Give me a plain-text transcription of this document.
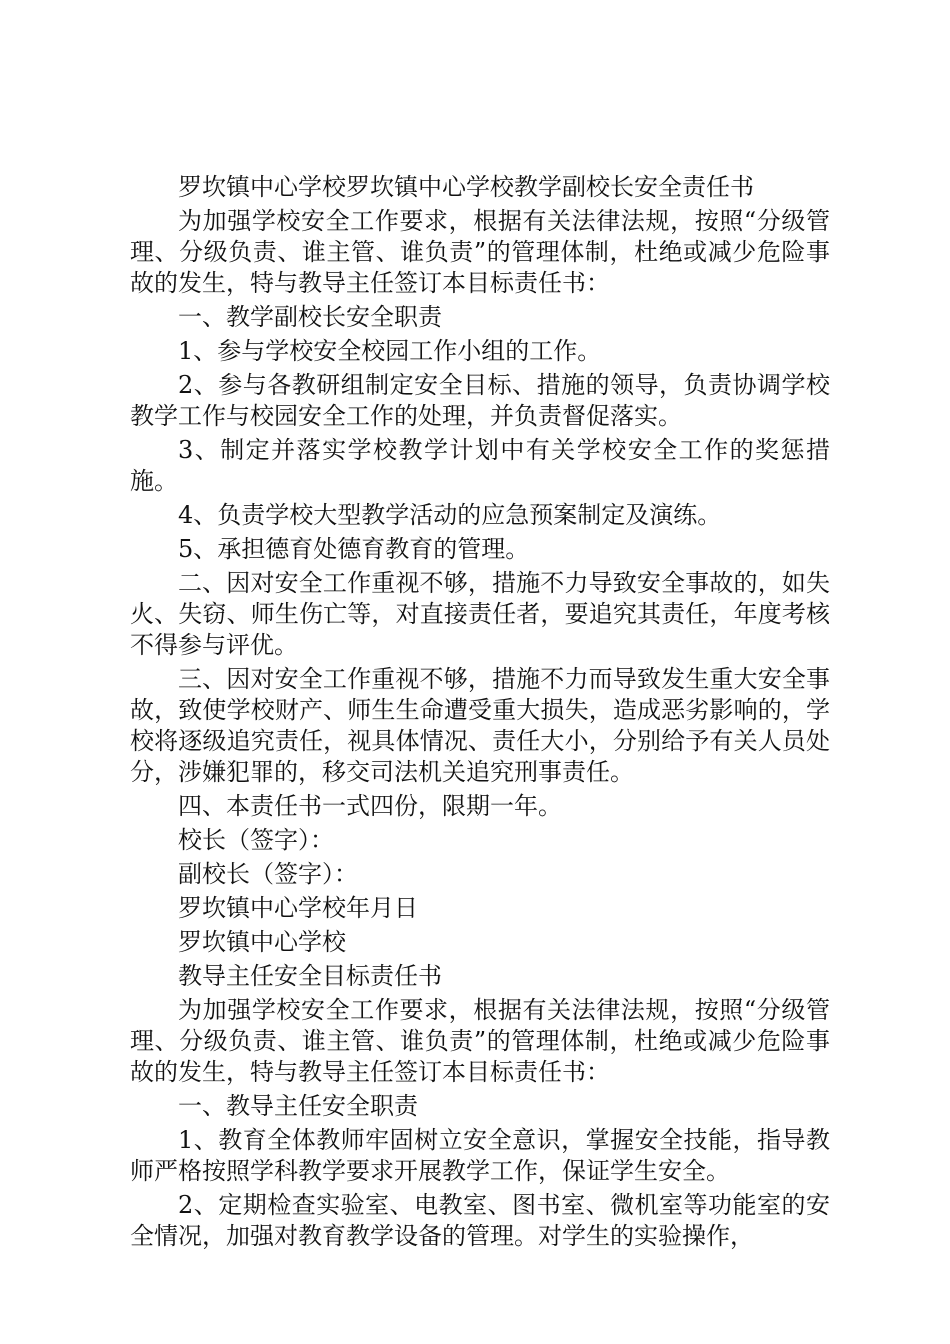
罗坎镇中心学校罗坎镇中心学校教学副校长安全责任书

为加强学校安全工作要求，根据有关法律法规，按照“分级管理、分级负责、谁主管、谁负责”的管理体制，杜绝或减少危险事故的发生，特与教导主任签订本目标责任书：

一、教学副校长安全职责

1、参与学校安全校园工作小组的工作。

2、参与各教研组制定安全目标、措施的领导，负责协调学校教学工作与校园安全工作的处理，并负责督促落实。

3、制定并落实学校教学计划中有关学校安全工作的奖惩措施。

4、负责学校大型教学活动的应急预案制定及演练。

5、承担德育处德育教育的管理。

二、因对安全工作重视不够，措施不力导致安全事故的，如失火、失窃、师生伤亡等，对直接责任者，要追究其责任，年度考核不得参与评优。

三、因对安全工作重视不够，措施不力而导致发生重大安全事故，致使学校财产、师生生命遭受重大损失，造成恶劣影响的，学校将逐级追究责任，视具体情况、责任大小，分别给予有关人员处分，涉嫌犯罪的，移交司法机关追究刑事责任。

四、本责任书一式四份，限期一年。

校长（签字）：

副校长（签字）：

罗坎镇中心学校年月日

罗坎镇中心学校

教导主任安全目标责任书

为加强学校安全工作要求，根据有关法律法规，按照“分级管理、分级负责、谁主管、谁负责”的管理体制，杜绝或减少危险事故的发生，特与教导主任签订本目标责任书：

一、教导主任安全职责

1、教育全体教师牢固树立安全意识，掌握安全技能，指导教师严格按照学科教学要求开展教学工作，保证学生安全。

2、定期检查实验室、电教室、图书室、微机室等功能室的安全情况，加强对教育教学设备的管理。对学生的实验操作，
